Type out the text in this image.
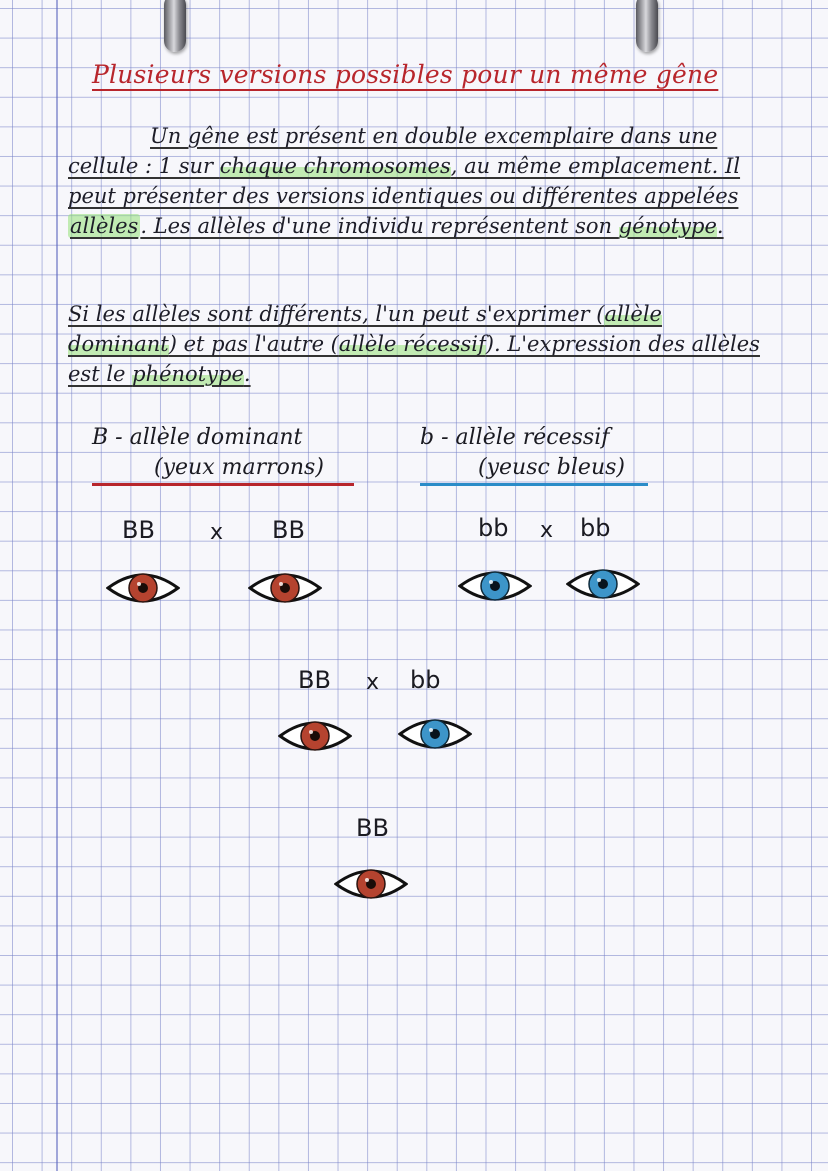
Plusieurs versions possibles pour un même gêne
Un gêne est présent en double excemplaire dans une cellule : 1 sur chaque chromosomes, au même emplacement. Il peut présenter des versions identiques ou différentes appelées allèles. Les allèles d'une individu représentent son génotype.
Si les allèles sont différents, l'un peut s'exprimer (allèle dominant) et pas l'autre (allèle récessif). L'expression des allèles est le phénotype.
B - allèle dominant
(yeux marrons)
b - allèle récessif
(yeusc bleus)
BB	x BB	bb x bb
BB x bb
BB
